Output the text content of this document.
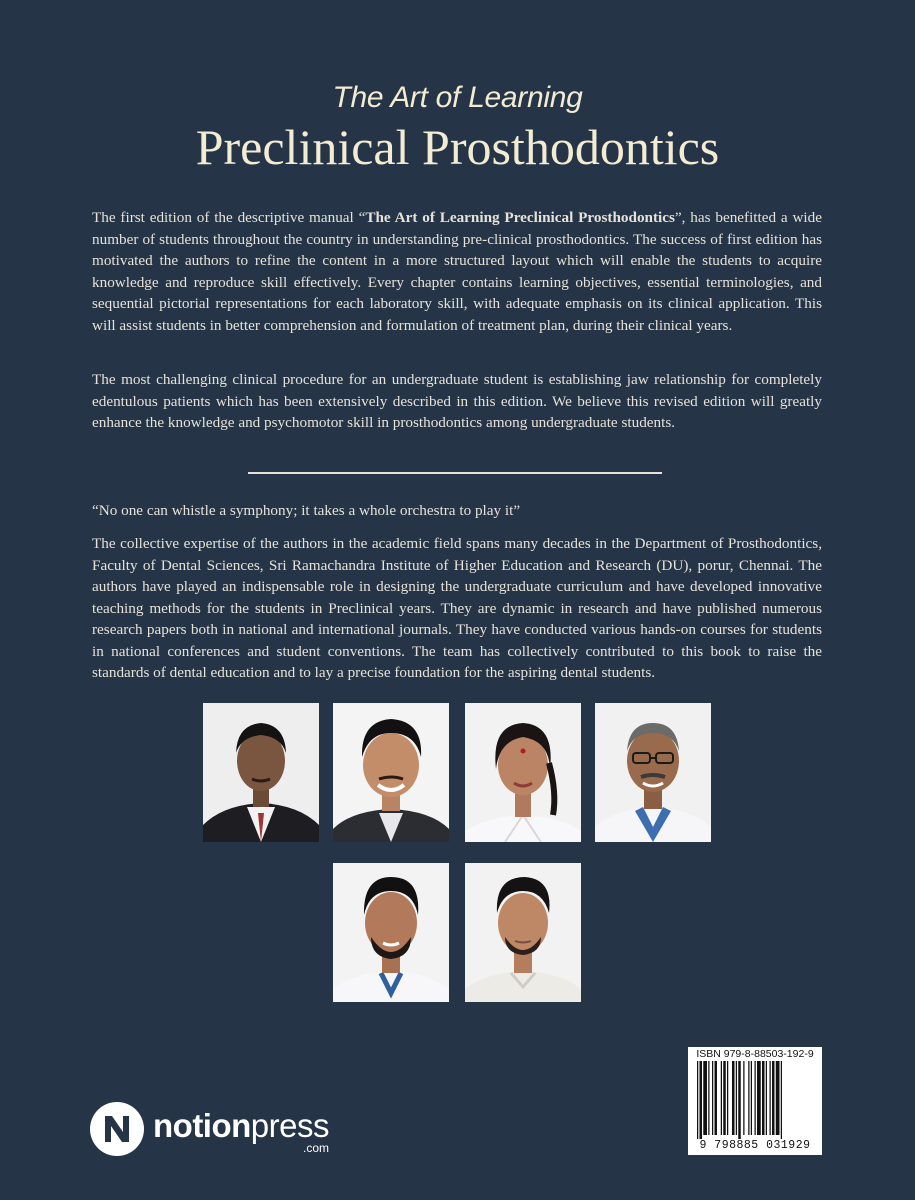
The Art of Learning
Preclinical Prosthodontics

The first edition of the descriptive manual “The Art of Learning Preclinical Prosthodontics”, has benefitted a wide number of students throughout the country in understanding pre-clinical prosthodontics. The success of first edition has motivated the authors to refine the content in a more structured layout which will enable the students to acquire knowledge and reproduce skill effectively. Every chapter contains learning objectives, essential terminologies, and sequential pictorial representations for each laboratory skill, with adequate emphasis on its clinical application. This will assist students in better comprehension and formulation of treatment plan, during their clinical years.

The most challenging clinical procedure for an undergraduate student is establishing jaw relationship for completely edentulous patients which has been extensively described in this edition. We believe this revised edition will greatly enhance the knowledge and psychomotor skill in prosthodontics among undergraduate students.

“No one can whistle a symphony; it takes a whole orchestra to play it”

The collective expertise of the authors in the academic field spans many decades in the Department of Prosthodontics, Faculty of Dental Sciences, Sri Ramachandra Institute of Higher Education and Research (DU), porur, Chennai. The authors have played an indispensable role in designing the undergraduate curriculum and have developed innovative teaching methods for the students in Preclinical years. They are dynamic in research and have published numerous research papers both in national and international journals. They have conducted various hands-on courses for students in national conferences and student conventions. The team has collectively contributed to this book to raise the standards of dental education and to lay a precise foundation for the aspiring dental students.

ISBN 979-8-88503-192-9
9 798885 031929
notionpress
.com
